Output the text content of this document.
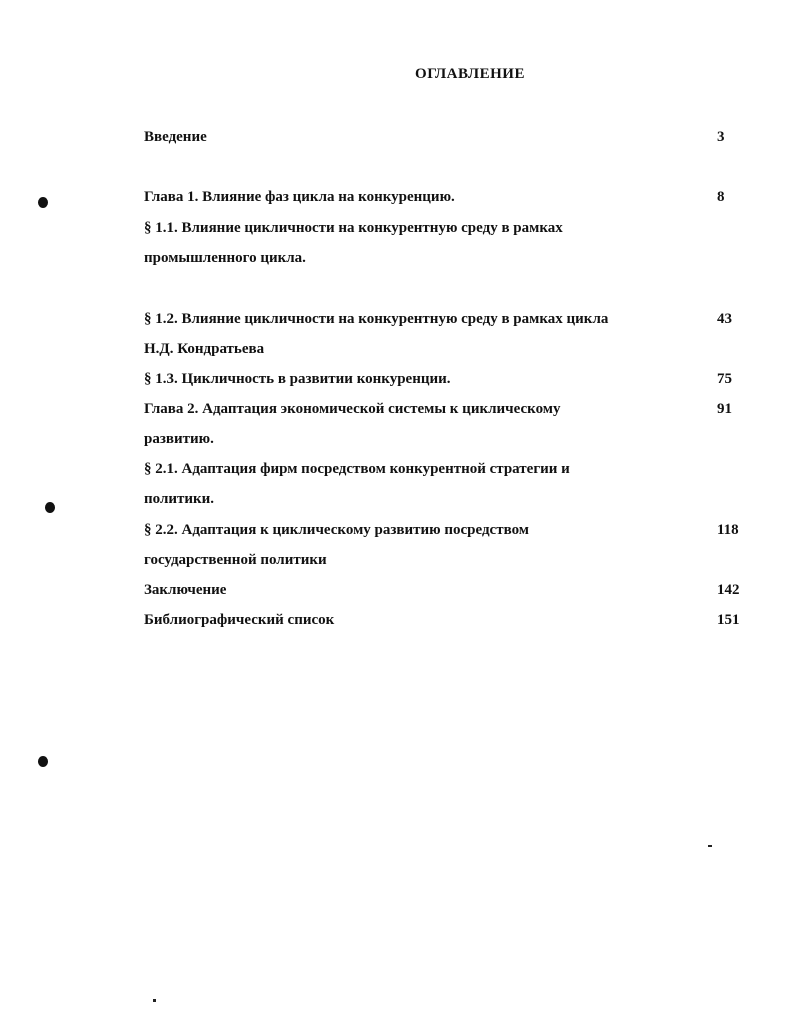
ОГЛАВЛЕНИЕ
Введение	3
Глава 1. Влияние фаз цикла на конкуренцию.	8
§ 1.1. Влияние цикличности на конкурентную среду в рамках
промышленного цикла.
§ 1.2. Влияние цикличности на конкурентную среду в рамках цикла	43
Н.Д. Кондратьева
§ 1.3. Цикличность в развитии конкуренции.	75
Глава 2. Адаптация экономической системы к циклическому	91
развитию.
§ 2.1. Адаптация фирм посредством конкурентной стратегии и
политики.
§ 2.2. Адаптация к циклическому развитию посредством	118
государственной политики
Заключение	142
Библиографический список	151
